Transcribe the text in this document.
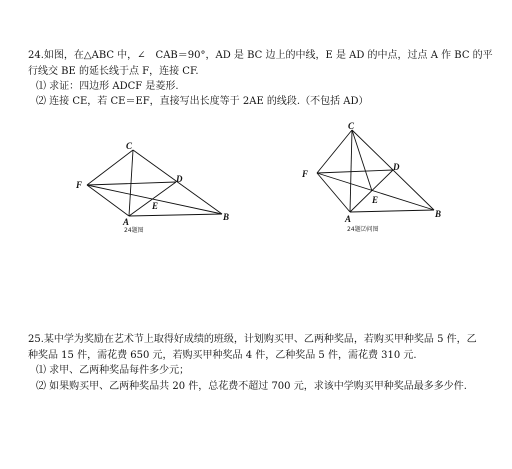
24.如图，在△ABC 中，∠　CAB＝90°，AD 是 BC 边上的中线，E 是 AD 的中点，过点 A 作 BC 的平
行线交 BE 的延长线于点 F，连接 CF.
⑴ 求证：四边形 ADCF 是菱形.
⑵ 连接 CE，若 CE＝EF，直接写出长度等于 2AE 的线段.（不包括 AD）
C
F
D
E
A	B
24题图
C
F
D
E
A	B
24题⑵问图
25.某中学为奖励在艺术节上取得好成绩的班级，计划购买甲、乙两种奖品，若购买甲种奖品 5 件，乙
种奖品 15 件，需花费 650 元，若购买甲种奖品 4 件，乙种奖品 5 件，需花费 310 元.
⑴ 求甲、乙两种奖品每件多少元；
⑵ 如果购买甲、乙两种奖品共 20 件，总花费不超过 700 元，求该中学购买甲种奖品最多多少件.
